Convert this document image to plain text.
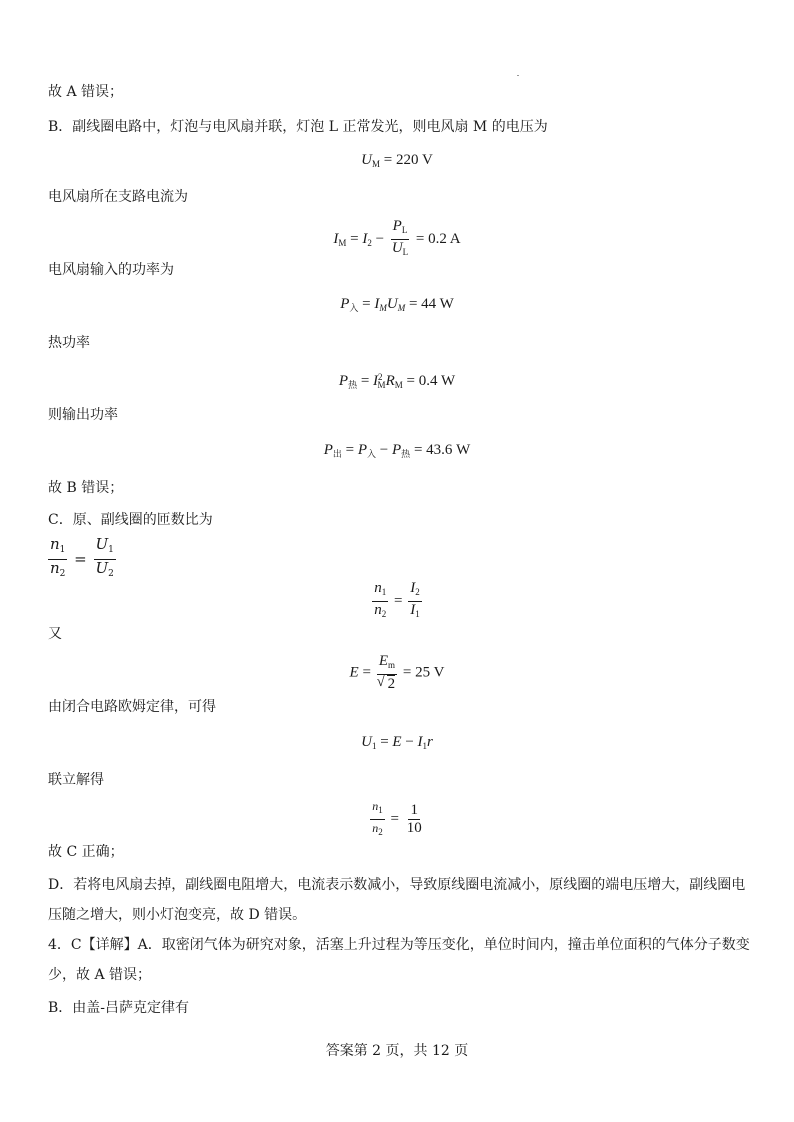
故 A 错误；
B．副线圈电路中，灯泡与电风扇并联，灯泡 L 正常发光，则电风扇 M 的电压为
$U_M = 220$ V
电风扇所在支路电流为
$I_M = I_2 - \frac{P_L}{U_L} = 0.2$ A
电风扇输入的功率为
$P_入 = I_MU_M = 44$ W
热功率
$P_热 = I^2_MR_M = 0.4$ W
则输出功率
$P_出 = P_入 - P_热 = 43.6$ W
故 B 错误；
C．原、副线圈的匝数比为
$\frac{n_1}{n_2} = \frac{U_1}{U_2}$
$\frac{n_1}{n_2} = \frac{I_2}{I_1}$
又
$E = E_m$
√ 2 = 25 V
由闭合电路欧姆定律，可得
$U_1 = E - I_1r$
联立解得
$\frac{n_1}{n_2} = \frac{1}{10}$
故 C 正确；
D．若将电风扇去掉，副线圈电阻增大，电流表示数减小，导致原线圈电流减小，原线圈的端电压增大，副线圈电
压随之增大，则小灯泡变亮，故 D 错误。
4．C【详解】A．取密闭气体为研究对象，活塞上升过程为等压变化，单位时间内，撞击单位面积的气体分子数变
少，故 A 错误；
B．由盖-吕萨克定律有
答案第 2 页，共 12 页
